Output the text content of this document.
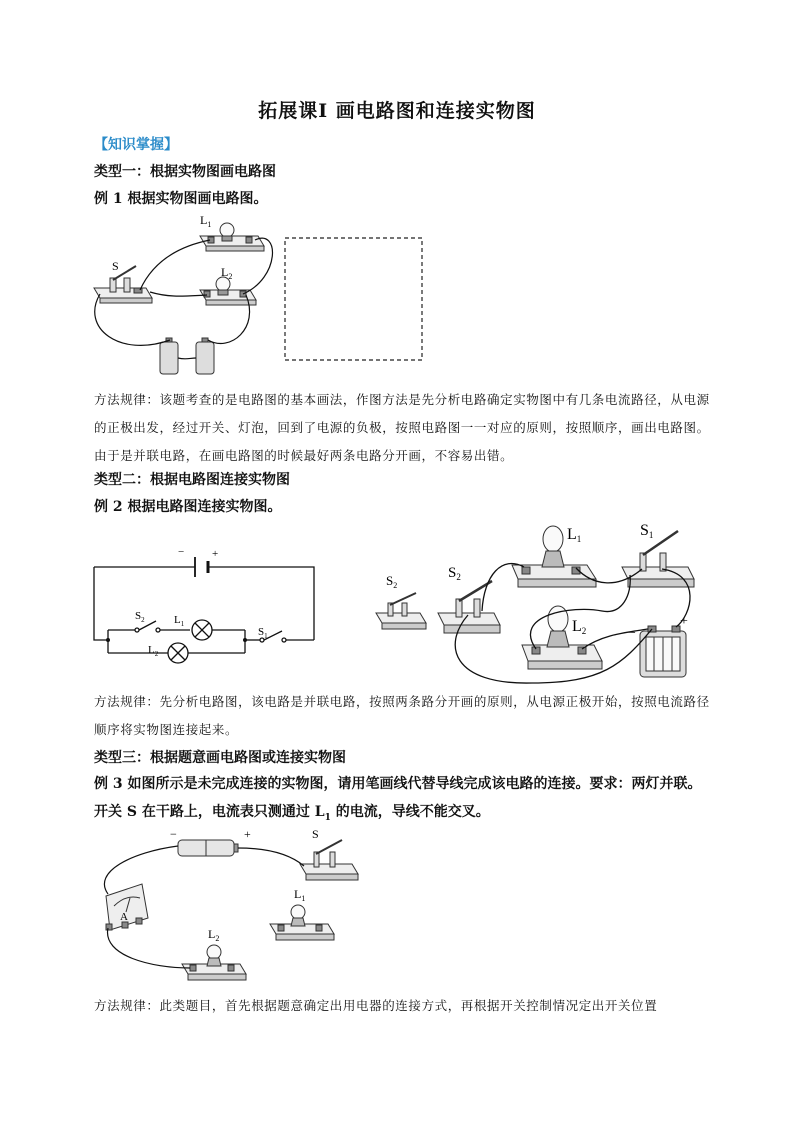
拓展课Ⅰ 画电路图和连接实物图
【知识掌握】
类型一：根据实物图画电路图
例 1 根据实物图画电路图。
$L_1$
$L_2$
S
方法规律：该题考查的是电路图的基本画法，作图方法是先分析电路确定实物图中有几条电流路径，从电源的正极出发，经过开关、灯泡，回到了电源的负极，按照电路图一一对应的原则，按照顺序，画出电路图。由于是并联电路，在画电路图的时候最好两条电路分开画，不容易出错。
类型二：根据电路图连接实物图
例 2 根据电路图连接实物图。
−	+
$S_2$	$L_1$
$L_2$
$S_1$
$S_2$
$S_2$
L1	S1
L2	−
+
方法规律：先分析电路图，该电路是并联电路，按照两条路分开画的原则，从电源正极开始，按照电流路径顺序将实物图连接起来。
类型三：根据题意画电路图或连接实物图
例 3 如图所示是未完成连接的实物图，请用笔画线代替导线完成该电路的连接。要求：两灯并联。
开关 S 在干路上，电流表只测通过 $L_1$ 的电流，导线不能交叉。
−	+	S
$L_1$
$L_2$
A
方法规律：此类题目，首先根据题意确定出用电器的连接方式，再根据开关控制情况定出开关位置
